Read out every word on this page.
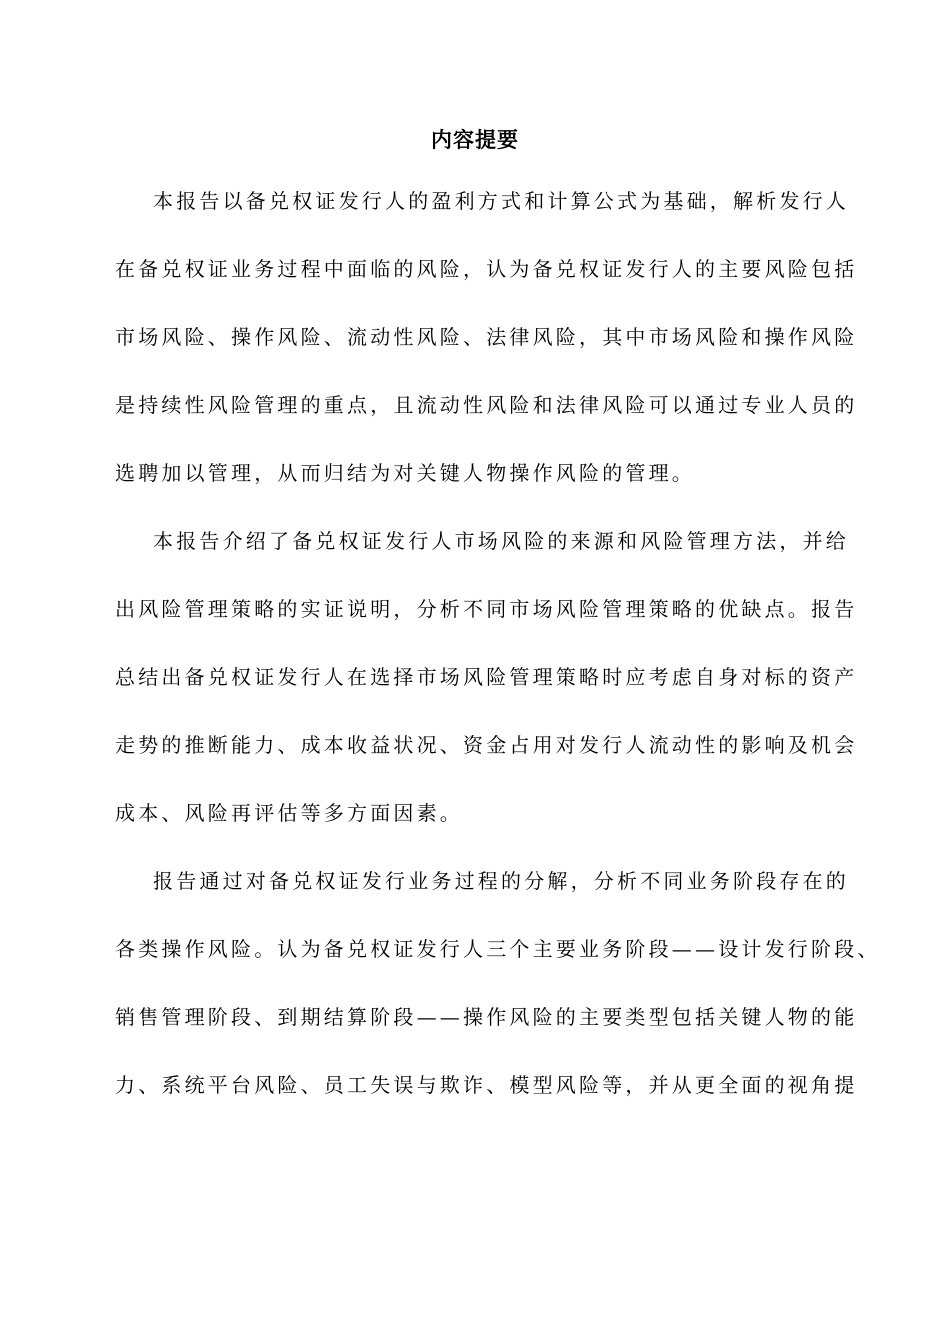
内容提要
本报告以备兑权证发行人的盈利方式和计算公式为基础，解析发行人
在备兑权证业务过程中面临的风险，认为备兑权证发行人的主要风险包括
市场风险、操作风险、流动性风险、法律风险，其中市场风险和操作风险
是持续性风险管理的重点，且流动性风险和法律风险可以通过专业人员的
选聘加以管理，从而归结为对关键人物操作风险的管理。
本报告介绍了备兑权证发行人市场风险的来源和风险管理方法，并给
出风险管理策略的实证说明，分析不同市场风险管理策略的优缺点。报告
总结出备兑权证发行人在选择市场风险管理策略时应考虑自身对标的资产
走势的推断能力、成本收益状况、资金占用对发行人流动性的影响及机会
成本、风险再评估等多方面因素。
报告通过对备兑权证发行业务过程的分解，分析不同业务阶段存在的
各类操作风险。认为备兑权证发行人三个主要业务阶段——设计发行阶段、
销售管理阶段、到期结算阶段——操作风险的主要类型包括关键人物的能
力、系统平台风险、员工失误与欺诈、模型风险等，并从更全面的视角提
